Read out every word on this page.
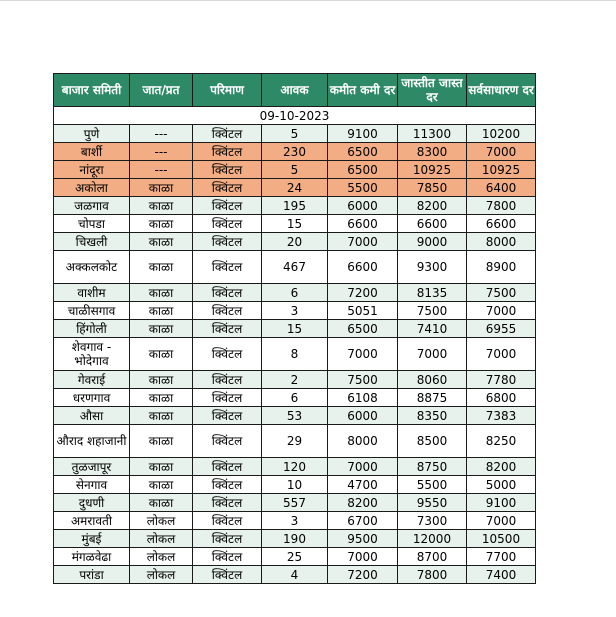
बाजार समिती	जात/प्रत	परिमाण	आवक	कमीत कमी दर	जास्तीत जास्त दर	सर्वसाधारण दर
09-10-2023						
पुणे	---	क्विंटल	5	9100	11300	10200
बार्शी	---	क्विंटल	230	6500	8300	7000
नांदूरा	---	क्विंटल	5	6500	10925	10925
अकोला	काळा	क्विंटल	24	5500	7850	6400
जळगाव	काळा	क्विंटल	195	6000	8200	7800
चोपडा	काळा	क्विंटल	15	6600	6600	6600
चिखली	काळा	क्विंटल	20	7000	9000	8000
अक्कलकोट	काळा	क्विंटल	467	6600	9300	8900
वाशीम	काळा	क्विंटल	6	7200	8135	7500
चाळीसगाव	काळा	क्विंटल	3	5051	7500	7000
हिंगोली	काळा	क्विंटल	15	6500	7410	6955
शेवगाव - भोदेगाव	काळा	क्विंटल	8	7000	7000	7000
गेवराई	काळा	क्विंटल	2	7500	8060	7780
धरणगाव	काळा	क्विंटल	6	6108	8875	6800
औसा	काळा	क्विंटल	53	6000	8350	7383
औराद शहाजानी	काळा	क्विंटल	29	8000	8500	8250
तुळजापूर	काळा	क्विंटल	120	7000	8750	8200
सेनगाव	काळा	क्विंटल	10	4700	5500	5000
दुधणी	काळा	क्विंटल	557	8200	9550	9100
अमरावती	लोकल	क्विंटल	3	6700	7300	7000
मुंबई	लोकल	क्विंटल	190	9500	12000	10500
मंगळवेढा	लोकल	क्विंटल	25	7000	8700	7700
परांडा	लोकल	क्विंटल	4	7200	7800	7400
